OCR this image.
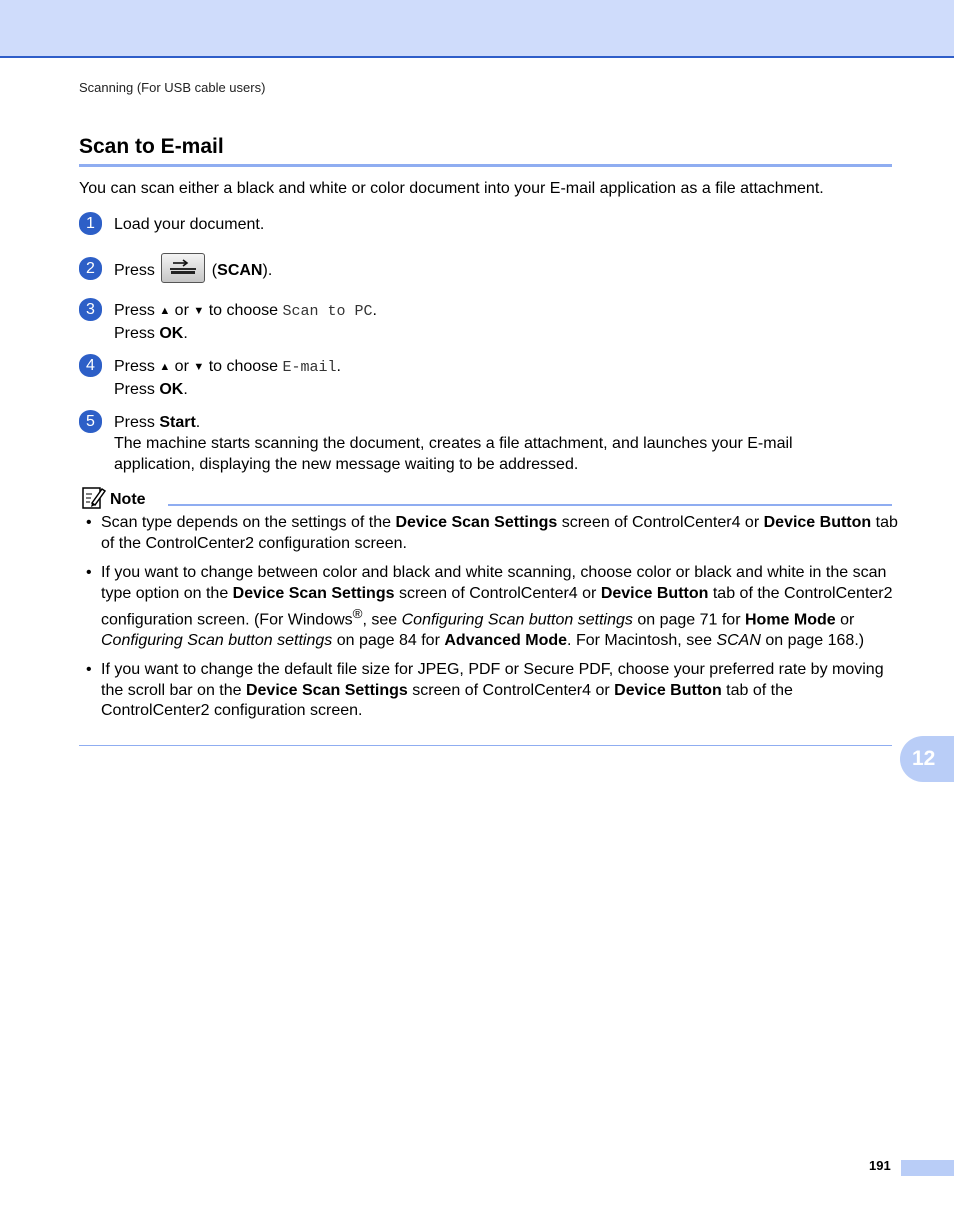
Scanning (For USB cable users)
Scan to E-mail
You can scan either a black and white or color document into your E-mail application as a file attachment.
1	Load your document.
2	Press	(SCAN).
3	Press ▲ or ▼ to choose Scan to PC.
Press OK.
4	Press ▲ or ▼ to choose E-mail.
Press OK.
5	Press Start.
The machine starts scanning the document, creates a file attachment, and launches your E-mail application, displaying the new message waiting to be addressed.
Note
• Scan type depends on the settings of the Device Scan Settings screen of ControlCenter4 or Device Button tab of the ControlCenter2 configuration screen.
• If you want to change between color and black and white scanning, choose color or black and white in the scan type option on the Device Scan Settings screen of ControlCenter4 or Device Button tab of the ControlCenter2 configuration screen. (For Windows®, see Configuring Scan button settings on page 71 for Home Mode or Configuring Scan button settings on page 84 for Advanced Mode. For Macintosh, see SCAN on page 168.)
• If you want to change the default file size for JPEG, PDF or Secure PDF, choose your preferred rate by moving the scroll bar on the Device Scan Settings screen of ControlCenter4 or Device Button tab of the ControlCenter2 configuration screen.
12
191
